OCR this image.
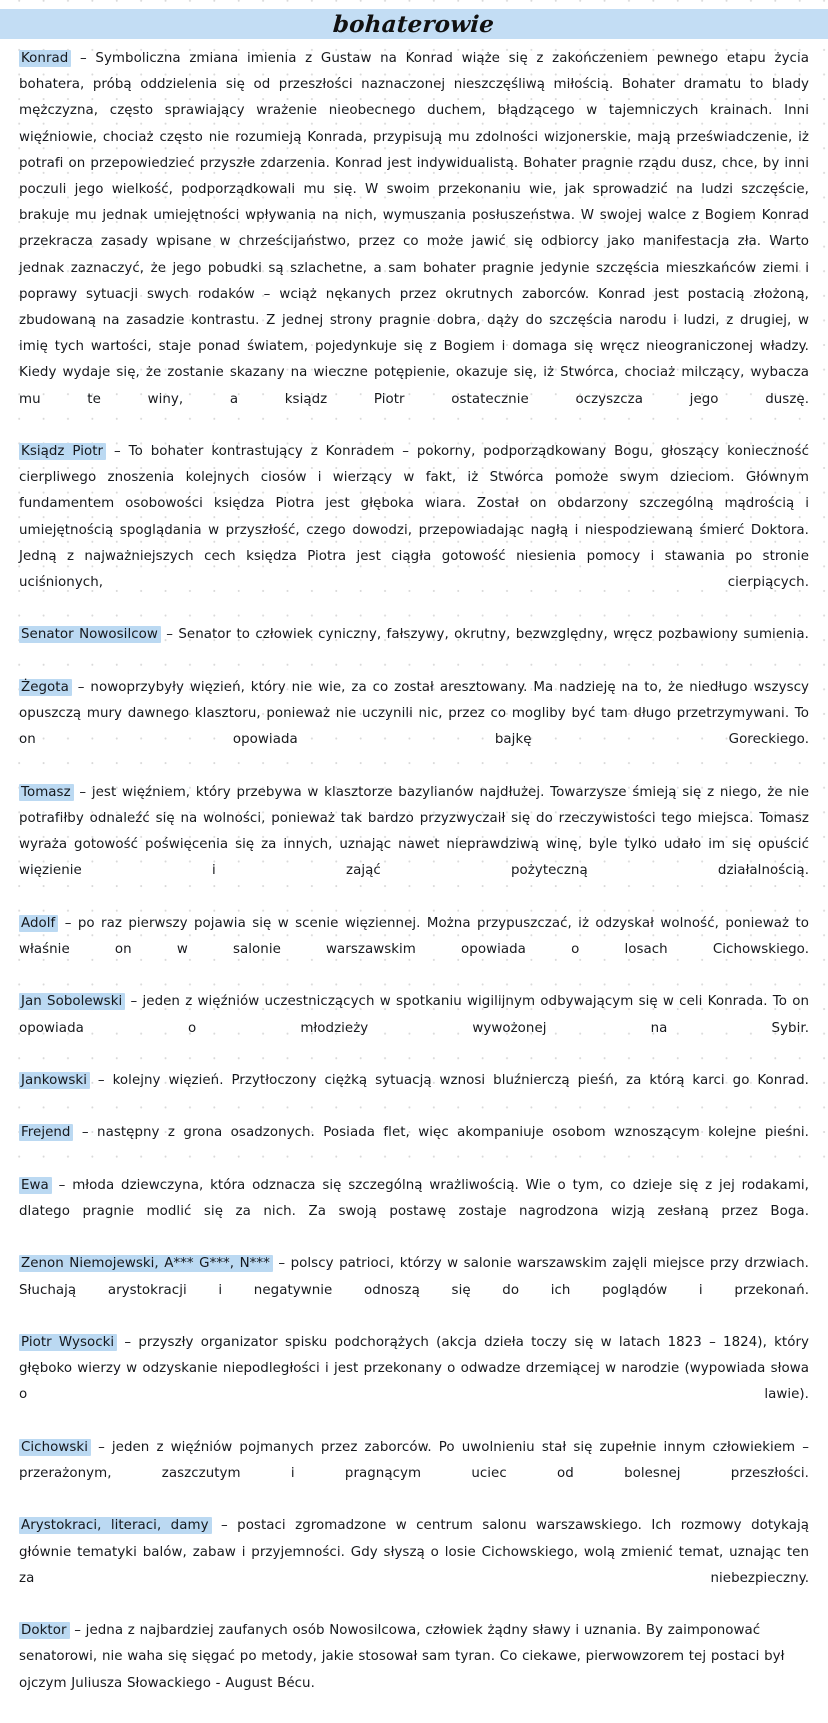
bohaterowie

Konrad – Symboliczna zmiana imienia z Gustaw na Konrad wiąże się z zakończeniem pewnego etapu życia bohatera, próbą oddzielenia się od przeszłości naznaczonej nieszczęśliwą miłością. Bohater dramatu to blady mężczyzna, często sprawiający wrażenie nieobecnego duchem, błądzącego w tajemniczych krainach. Inni więźniowie, chociaż często nie rozumieją Konrada, przypisują mu zdolności wizjonerskie, mają przeświadczenie, iż potrafi on przepowiedzieć przyszłe zdarzenia. Konrad jest indywidualistą. Bohater pragnie rządu dusz, chce, by inni poczuli jego wielkość, podporządkowali mu się. W swoim przekonaniu wie, jak sprowadzić na ludzi szczęście, brakuje mu jednak umiejętności wpływania na nich, wymuszania posłuszeństwa. W swojej walce z Bogiem Konrad przekracza zasady wpisane w chrześcijaństwo, przez co może jawić się odbiorcy jako manifestacja zła. Warto jednak zaznaczyć, że jego pobudki są szlachetne, a sam bohater pragnie jedynie szczęścia mieszkańców ziemi i poprawy sytuacji swych rodaków – wciąż nękanych przez okrutnych zaborców. Konrad jest postacią złożoną, zbudowaną na zasadzie kontrastu. Z jednej strony pragnie dobra, dąży do szczęścia narodu i ludzi, z drugiej, w imię tych wartości, staje ponad światem, pojedynkuje się z Bogiem i domaga się wręcz nieograniczonej władzy. Kiedy wydaje się, że zostanie skazany na wieczne potępienie, okazuje się, iż Stwórca, chociaż milczący, wybacza mu te winy, a ksiądz Piotr ostatecznie oczyszcza jego duszę.

Ksiądz Piotr – To bohater kontrastujący z Konradem – pokorny, podporządkowany Bogu, głoszący konieczność cierpliwego znoszenia kolejnych ciosów i wierzący w fakt, iż Stwórca pomoże swym dzieciom. Głównym fundamentem osobowości księdza Piotra jest głęboka wiara. Został on obdarzony szczególną mądrością i umiejętnością spoglądania w przyszłość, czego dowodzi, przepowiadając nagłą i niespodziewaną śmierć Doktora. Jedną z najważniejszych cech księdza Piotra jest ciągła gotowość niesienia pomocy i stawania po stronie uciśnionych, cierpiących.

Senator Nowosilcow – Senator to człowiek cyniczny, fałszywy, okrutny, bezwzględny, wręcz pozbawiony sumienia.

Żegota – nowoprzybyły więzień, który nie wie, za co został aresztowany. Ma nadzieję na to, że niedługo wszyscy opuszczą mury dawnego klasztoru, ponieważ nie uczynili nic, przez co mogliby być tam długo przetrzymywani. To on opowiada bajkę Goreckiego.

Tomasz – jest więźniem, który przebywa w klasztorze bazylianów najdłużej. Towarzysze śmieją się z niego, że nie potrafiłby odnaleźć się na wolności, ponieważ tak bardzo przyzwyczaił się do rzeczywistości tego miejsca. Tomasz wyraża gotowość poświęcenia się za innych, uznając nawet nieprawdziwą winę, byle tylko udało im się opuścić więzienie i zająć pożyteczną działalnością.

Adolf – po raz pierwszy pojawia się w scenie więziennej. Można przypuszczać, iż odzyskał wolność, ponieważ to właśnie on w salonie warszawskim opowiada o losach Cichowskiego.

Jan Sobolewski – jeden z więźniów uczestniczących w spotkaniu wigilijnym odbywającym się w celi Konrada. To on opowiada o młodzieży wywożonej na Sybir.

Jankowski – kolejny więzień. Przytłoczony ciężką sytuacją wznosi bluźnierczą pieśń, za którą karci go Konrad.

Frejend – następny z grona osadzonych. Posiada flet, więc akompaniuje osobom wznoszącym kolejne pieśni.

Ewa – młoda dziewczyna, która odznacza się szczególną wrażliwością. Wie o tym, co dzieje się z jej rodakami, dlatego pragnie modlić się za nich. Za swoją postawę zostaje nagrodzona wizją zesłaną przez Boga.

Zenon Niemojewski, A*** G***, N*** – polscy patrioci, którzy w salonie warszawskim zajęli miejsce przy drzwiach. Słuchają arystokracji i negatywnie odnoszą się do ich poglądów i przekonań.

Piotr Wysocki – przyszły organizator spisku podchorążych (akcja dzieła toczy się w latach 1823 – 1824), który głęboko wierzy w odzyskanie niepodległości i jest przekonany o odwadze drzemiącej w narodzie (wypowiada słowa o lawie).

Cichowski – jeden z więźniów pojmanych przez zaborców. Po uwolnieniu stał się zupełnie innym człowiekiem – przerażonym, zaszczutym i pragnącym uciec od bolesnej przeszłości.

Arystokraci, literaci, damy – postaci zgromadzone w centrum salonu warszawskiego. Ich rozmowy dotykają głównie tematyki balów, zabaw i przyjemności. Gdy słyszą o losie Cichowskiego, wolą zmienić temat, uznając ten za niebezpieczny.

Doktor – jedna z najbardziej zaufanych osób Nowosilcowa, człowiek żądny sławy i uznania. By zaimponować senatorowi, nie waha się sięgać po metody, jakie stosował sam tyran. Co ciekawe, pierwowzorem tej postaci był ojczym Juliusza Słowackiego - August Bécu.
